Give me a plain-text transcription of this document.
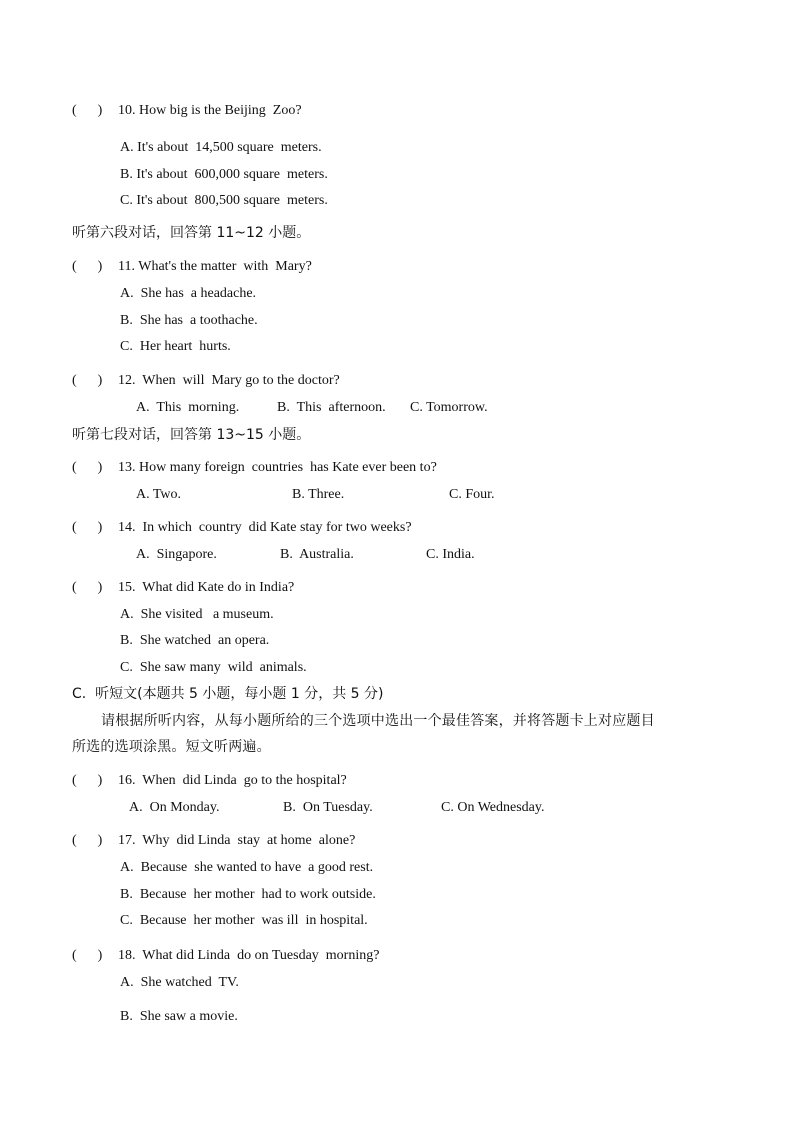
(      ) 10. How big is the Beijing  Zoo?
A. It's about  14,500 square  meters.
B. It's about  600,000 square  meters.
C. It's about  800,500 square  meters.
听第六段对话，回答第 11~12 小题。
(      ) 11. What's the matter  with  Mary?
A.  She has  a headache.
B.  She has  a toothache.
C.  Her heart  hurts.
(      ) 12.  When  will  Mary go to the doctor?
A.  This  morning.	B.  This  afternoon. C. Tomorrow.
听第七段对话，回答第 13~15 小题。
(      ) 13. How many foreign  countries  has Kate ever been to?
A. Two.	B. Three.	C. Four.
(      ) 14.  In which  country  did Kate stay for two weeks?
A.  Singapore.	B.  Australia.	C. India.
(      ) 15.  What did Kate do in India?
A.  She visited   a museum.
B.  She watched  an opera.
C.  She saw many  wild  animals.
C.  听短文(本题共 5 小题，每小题 1 分，共 5 分)
请根据所听内容，从每小题所给的三个选项中选出一个最佳答案，并将答题卡上对应题目
所选的选项涂黑。短文听两遍。
(      ) 16.  When  did Linda  go to the hospital?
A.  On Monday.	B.  On Tuesday.	C. On Wednesday.
(      ) 17.  Why  did Linda  stay  at home  alone?
A.  Because  she wanted to have  a good rest.
B.  Because  her mother  had to work outside.
C.  Because  her mother  was ill  in hospital.
(      ) 18.  What did Linda  do on Tuesday  morning?
A.  She watched  TV.
B.  She saw a movie.
